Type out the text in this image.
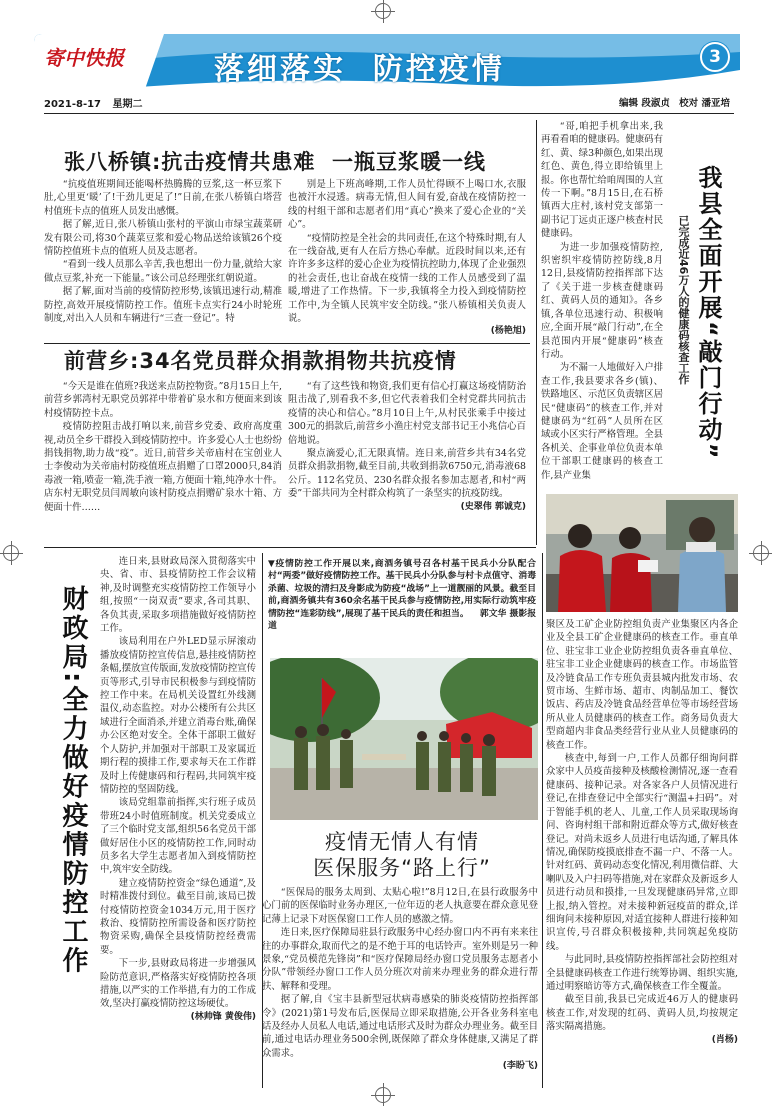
寄中快报	落细落实  防控疫情	3
2021-8-17 星期二	编辑 段淑贞 校对 潘亚培
张八桥镇:抗击疫情共患难  一瓶豆浆暖一线

“抗疫值班期间还能喝杯热腾腾的豆浆,这一杯豆浆下肚,心里更‘暖’了!干劲儿更足了!”日前,在张八桥镇白塔营村值班卡点的值班人员发出感慨。

据了解,近日,张八桥镇山张村的平演山市绿宝蔬菜研发有限公司,将30个蔬菜豆浆和爱心物品送给该镇26个疫情防控值班卡点的值班人员及志愿者。

“看到一线人员那么辛苦,我也想出一份力量,就给大家做点豆浆,补充一下能量。”该公司总经理张红朝说道。

据了解,面对当前的疫情防控形势,该镇迅速行动,精准防控,高效开展疫情防控工作。值班卡点实行24小时轮班制度,对出入人员和车辆进行“三查一登记”。特

别是上下班高峰期,工作人员忙得顾不上喝口水,衣服也被汗水浸透。病毒无情,但人间有爱,奋战在疫情防控一线的村组干部和志愿者们用“真心”换来了爱心企业的“关心”。

“疫情防控是全社会的共同责任,在这个特殊时期,有人在一线奋战,更有人在后方热心奉献。近段时间以来,还有许许多多这样的爱心企业为疫情抗控助力,体现了企业强烈的社会责任,也让奋战在疫情一线的工作人员感受到了温暖,增进了工作热情。下一步,我镇将全力投入到疫情防控工作中,为全镇人民筑牢安全防线。”张八桥镇相关负责人说。

(杨艳旭)
前营乡:34名党员群众捐款捐物共抗疫情

“今天是谁在值班?我送来点防控物资。”8月15日上午,前营乡郭湾村无职党员郭祥中带着矿泉水和方便面来到该村疫情防控卡点。

疫情防控阻击战打响以来,前营乡党委、政府高度重视,动员全乡干群投入到疫情防控中。许多爱心人士也纷纷捐钱捐物,助力战“疫”。近日,前营乡关帝庙村在宝创业人士李俊动为关帝庙村防疫值班点捐赠了口罩2000只,84消毒液一箱,喷壶一箱,洗手液一箱,方便面十箱,纯净水十件。店东村无职党员闫周敏向该村防疫点捐赠矿泉水十箱、方便面十件……

“有了这些钱和物资,我们更有信心打赢这场疫情防治阻击战了,别看我不多,但它代表着我们全村党群共同抗击疫情的决心和信心。”8月10日上午,从村民张乘手中接过300元的捐款后,前营乡小渔庄村党支部书记王小兆信心百倍地说。

聚点滴爱心,汇无限真情。连日来,前营乡共有34名党员群众捐款捐物,截至目前,共收到捐款6750元,消毒液68公斤。112名党员、230名群众报名参加志愿者,和村“两委”干部共同为全村群众构筑了一条坚实的抗疫防线。

(史翠伟 郭诚克)

“哥,咱把手机拿出来,我再看看咱的健康码。健康码有红、黄、绿3种颜色,如果出现红色、黄色,得立即给镇里上报。你也帮忙给咱周围的人宣传一下啊。”8月15日,在石桥镇西大庄村,该村党支部第一副书记丁远贞正逐户核查村民健康码。

为进一步加强疫情防控,织密织牢疫情防控防线,8月12日,县疫情防控指挥部下达了《关于进一步核查健康码红、黄码人员的通知》。各乡镇,各单位迅速行动、积极响应,全面开展“敲门行动”,在全县范围内开展“健康码”核查行动。

为不漏一人地做好入户排查工作,我县要求各乡(镇)、铁路地区、示范区负责辖区居民“健康码”的核查工作,并对健康码为“红码”人员所在区域或小区实行严格管理。全县各机关、企事业单位负责本单位干部职工健康码的核查工作,县产业集

我县全面开展“敲门行动”
已完成近46万人的健康码核查工作

聚区及工矿企业防控组负责产业集聚区内各企业及全县工矿企业健康码的核查工作。垂直单位、驻宝非工业企业防控组负责各垂直单位、驻宝非工业企业健康码的核查工作。市场监管及冷链食品工作专班负责县城内批发市场、农贸市场、生鲜市场、超市、肉制品加工、餐饮饭店、药店及冷链食品经营单位等市场经营场所从业人员健康码的核查工作。商务局负责大型商超内非食品类经营行业从业人员健康码的核查工作。

核查中,每到一户,工作人员都仔细询问群众家中人员疫苗接种及核酸检测情况,逐一查看健康码、接种记录。对各家各户人员情况进行登记,在排查登记中全部实行“测温+扫码”。对于智能手机的老人、儿童,工作人员采取现场询问、咨询村组干部和附近群众等方式,做好核查登记。对尚未返乡人员进行电话沟通,了解具体情况,确保防疫摸底排查不漏一户、不落一人。针对红码、黄码动态变化情况,利用微信群、大喇叭及入户扫码等措施,对在家群众及新返乡人员进行动员和摸排,一旦发现健康码异常,立即上报,纳入管控。对未接种新冠疫苗的群众,详细询问未接种原因,对适宜接种人群进行接种知识宣传,号召群众积极接种,共同筑起免疫防线。

与此同时,县疫情防控指挥部社会防控组对全县健康码核查工作进行统筹协调、组织实施,通过明察暗访等方式,确保核查工作全覆盖。

截至目前,我县已完成近46万人的健康码核查工作,对发现的红码、黄码人员,均按规定落实隔离措施。

(肖杨)
财政局:全力做好疫情防控工作

连日来,县财政局深入贯彻落实中央、省、市、县疫情防控工作会议精神,及时调整充实疫情防控工作领导小组,按照“一岗双责”要求,各司其职、各负其责,采取多项措施做好疫情防控工作。

该局利用在户外LED显示屏滚动播放疫情防控宣传信息,悬挂疫情防控条幅,摆放宣传版面,发放疫情防控宣传页等形式,引导市民积极参与到疫情防控工作中来。在局机关设置红外线测温仪,动态监控。对办公楼所有公共区域进行全面消杀,并建立消毒台账,确保办公区绝对安全。全体干部职工做好个人防护,并加强对干部职工及家属近期行程的摸排工作,要求每天在工作群及时上传健康码和行程码,共同筑牢疫情防控的坚固防线。

该局党组靠前指挥,实行班子成员带班24小时值班制度。机关党委成立了三个临时党支部,组织56名党员干部做好居住小区的疫情防控工作,同时动员多名大学生志愿者加入到疫情防控中,筑牢安全防线。

建立疫情防控资金“绿色通道”,及时精准拨付到位。截至目前,该局已拨付疫情防控资金1034万元,用于医疗救治、疫情防控所需设备和医疗防控物资采购,确保全县疫情防控经费需要。

下一步,县财政局将进一步增强风险防范意识,严格落实好疫情防控各项措施,以严实的工作举措,有力的工作成效,坚决打赢疫情防控这场硬仗。

(林帅锋 黄俊伟)
▼疫情防控工作开展以来,商酒务镇号召各村基干民兵小分队配合村“两委”做好疫情防控工作。基干民兵小分队参与村卡点值守、消毒杀菌、垃圾的清扫及身影成为防疫“战场”上一道靓丽的风景。截至目前,商酒务镇共有360余名基干民兵参与疫情防控,用实际行动筑牢疫情防控“连彩防线”,展现了基干民兵的责任和担当。 郭文华 摄影报道
疫情无情人有情
医保服务“路上行”

“医保局的服务太周到、太贴心啦!”8月12日,在县行政服务中心门前的医保临时业务办理区,一位年迈的老人执意要在群众意见登记薄上记录下对医保窗口工作人员的感激之情。

连日来,医疗保障局驻县行政服务中心经办窗口内不再有来来往往的办事群众,取而代之的是不绝于耳的电话铃声。室外则是另一种景象,“党员模范先锋岗”和“医疗保障局经办窗口党员服务志愿者小分队”带领经办窗口工作人员分班次对前来办理业务的群众进行帮扶、解释和受理。

据了解,自《宝丰县新型冠状病毒感染的肺炎疫情防控指挥部令》(2021)第1号发布后,医保局立即采取措施,公开各业务科室电话及经办人员私人电话,通过电话形式及时为群众办理业务。截至目前,通过电话办理业务500余例,既保障了群众身体健康,又满足了群众需求。

(李盼飞)
